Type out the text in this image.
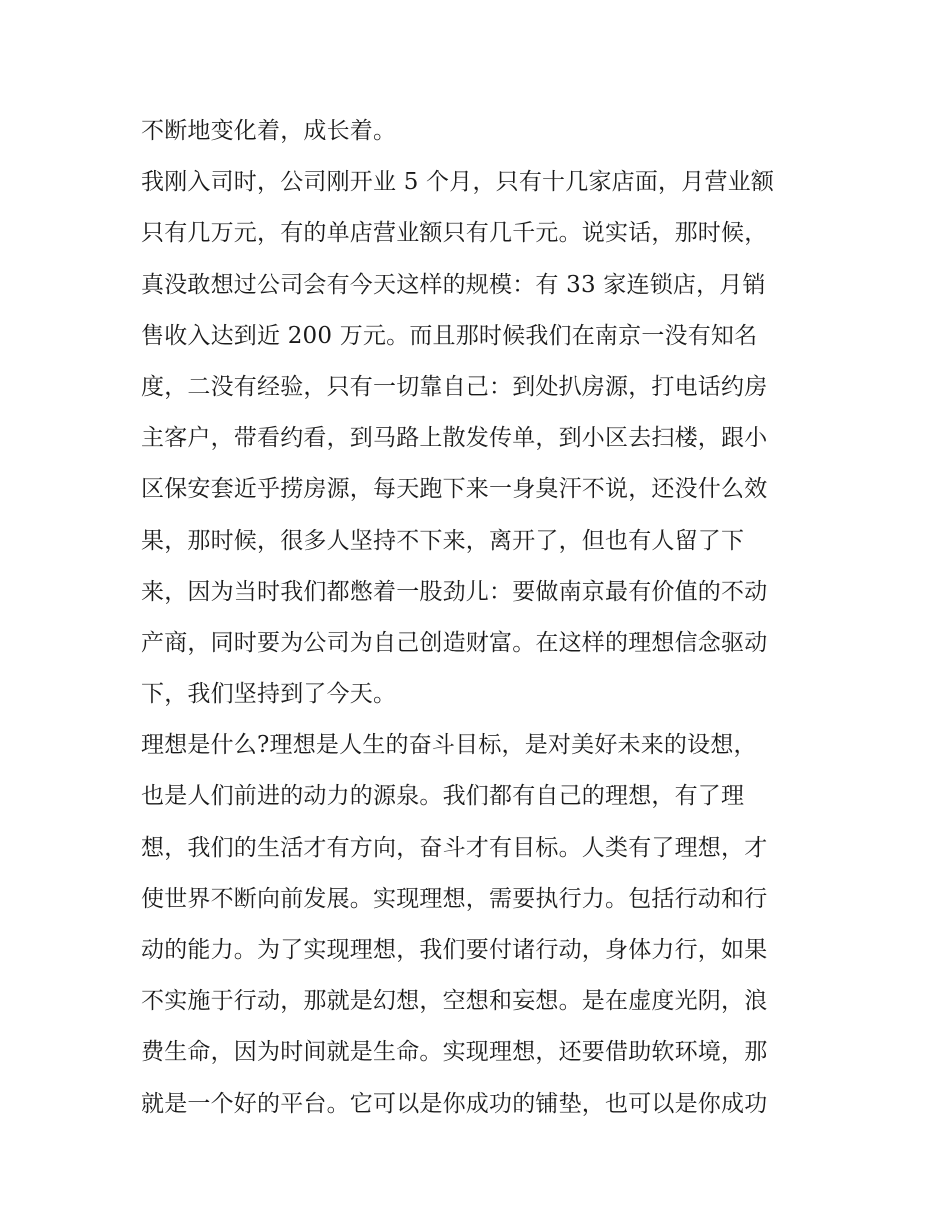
不断地变化着，成长着。
我刚入司时，公司刚开业 5 个月，只有十几家店面，月营业额
只有几万元，有的单店营业额只有几千元。说实话，那时候，
真没敢想过公司会有今天这样的规模：有 33 家连锁店，月销
售收入达到近 200 万元。而且那时候我们在南京一没有知名
度，二没有经验，只有一切靠自己：到处扒房源，打电话约房
主客户，带看约看，到马路上散发传单，到小区去扫楼，跟小
区保安套近乎捞房源，每天跑下来一身臭汗不说，还没什么效
果，那时候，很多人坚持不下来，离开了，但也有人留了下
来，因为当时我们都憋着一股劲儿：要做南京最有价值的不动
产商，同时要为公司为自己创造财富。在这样的理想信念驱动
下，我们坚持到了今天。
理想是什么?理想是人生的奋斗目标，是对美好未来的设想，
也是人们前进的动力的源泉。我们都有自己的理想，有了理
想，我们的生活才有方向，奋斗才有目标。人类有了理想，才
使世界不断向前发展。实现理想，需要执行力。包括行动和行
动的能力。为了实现理想，我们要付诸行动，身体力行，如果
不实施于行动，那就是幻想，空想和妄想。是在虚度光阴，浪
费生命，因为时间就是生命。实现理想，还要借助软环境，那
就是一个好的平台。它可以是你成功的铺垫，也可以是你成功
